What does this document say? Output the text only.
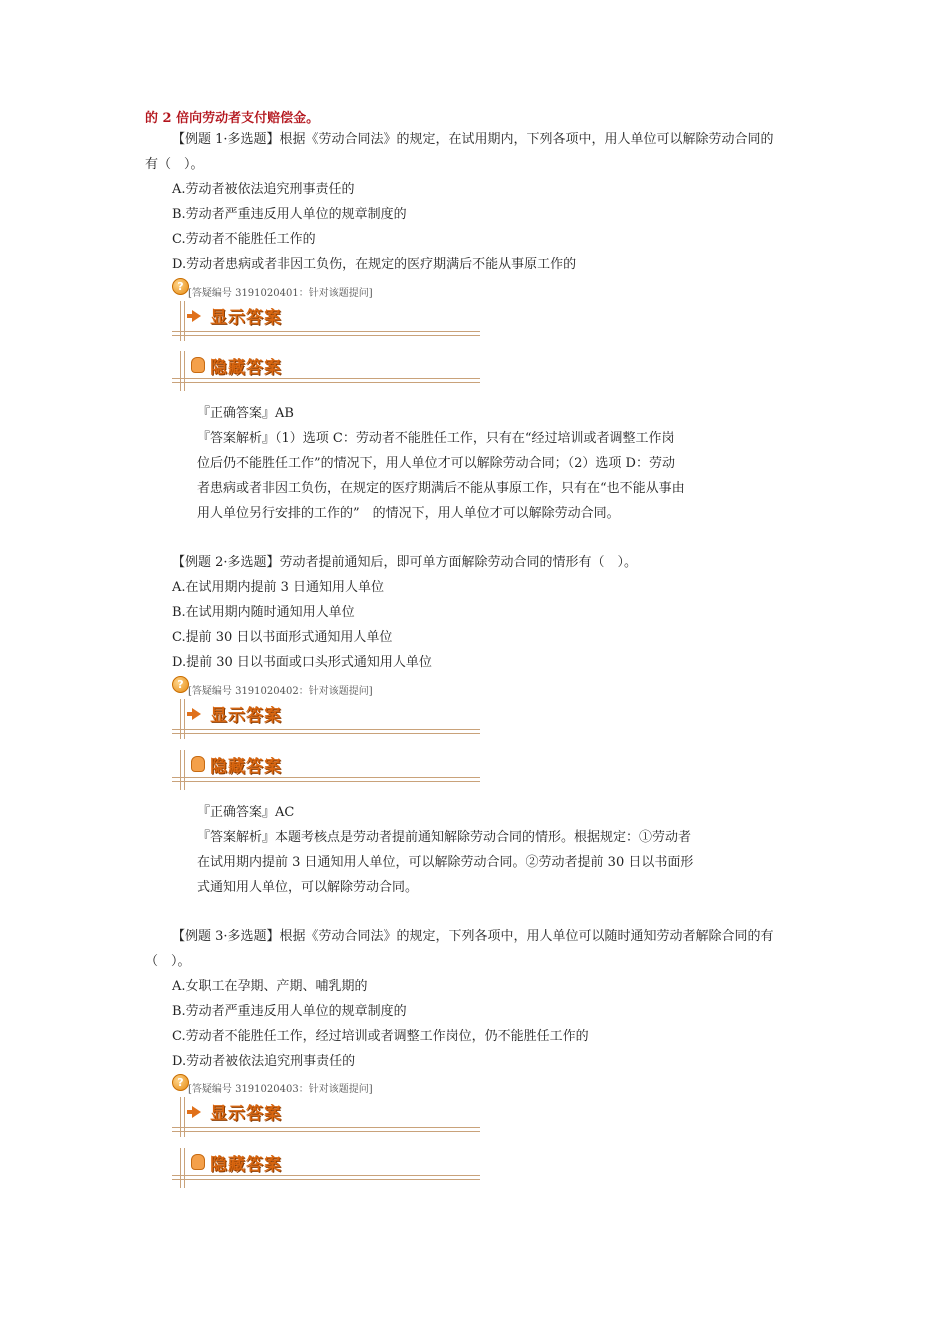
的 2 倍向劳动者支付赔偿金。
【例题 1·多选题】根据《劳动合同法》的规定，在试用期内，下列各项中，用人单位可以解除劳动合同的
有（　）。
A.劳动者被依法追究刑事责任的
B.劳动者严重违反用人单位的规章制度的
C.劳动者不能胜任工作的
D.劳动者患病或者非因工负伤，在规定的医疗期满后不能从事原工作的
?
[答疑编号 3191020401：针对该题提问]
显示答案
隐藏答案
『正确答案』AB
『答案解析』（1）选项 C：劳动者不能胜任工作，只有在“经过培训或者调整工作岗
位后仍不能胜任工作”的情况下，用人单位才可以解除劳动合同；（2）选项 D：劳动
者患病或者非因工负伤，在规定的医疗期满后不能从事原工作，只有在“也不能从事由
用人单位另行安排的工作的”　的情况下，用人单位才可以解除劳动合同。
【例题 2·多选题】劳动者提前通知后，即可单方面解除劳动合同的情形有（　）。
A.在试用期内提前 3 日通知用人单位
B.在试用期内随时通知用人单位
C.提前 30 日以书面形式通知用人单位
D.提前 30 日以书面或口头形式通知用人单位
?
[答疑编号 3191020402：针对该题提问]
显示答案
隐藏答案
『正确答案』AC
『答案解析』本题考核点是劳动者提前通知解除劳动合同的情形。根据规定：①劳动者
在试用期内提前 3 日通知用人单位，可以解除劳动合同。②劳动者提前 30 日以书面形
式通知用人单位，可以解除劳动合同。
【例题 3·多选题】根据《劳动合同法》的规定，下列各项中，用人单位可以随时通知劳动者解除合同的有
（　）。
A.女职工在孕期、产期、哺乳期的
B.劳动者严重违反用人单位的规章制度的
C.劳动者不能胜任工作，经过培训或者调整工作岗位，仍不能胜任工作的
D.劳动者被依法追究刑事责任的
?
[答疑编号 3191020403：针对该题提问]
显示答案
隐藏答案
